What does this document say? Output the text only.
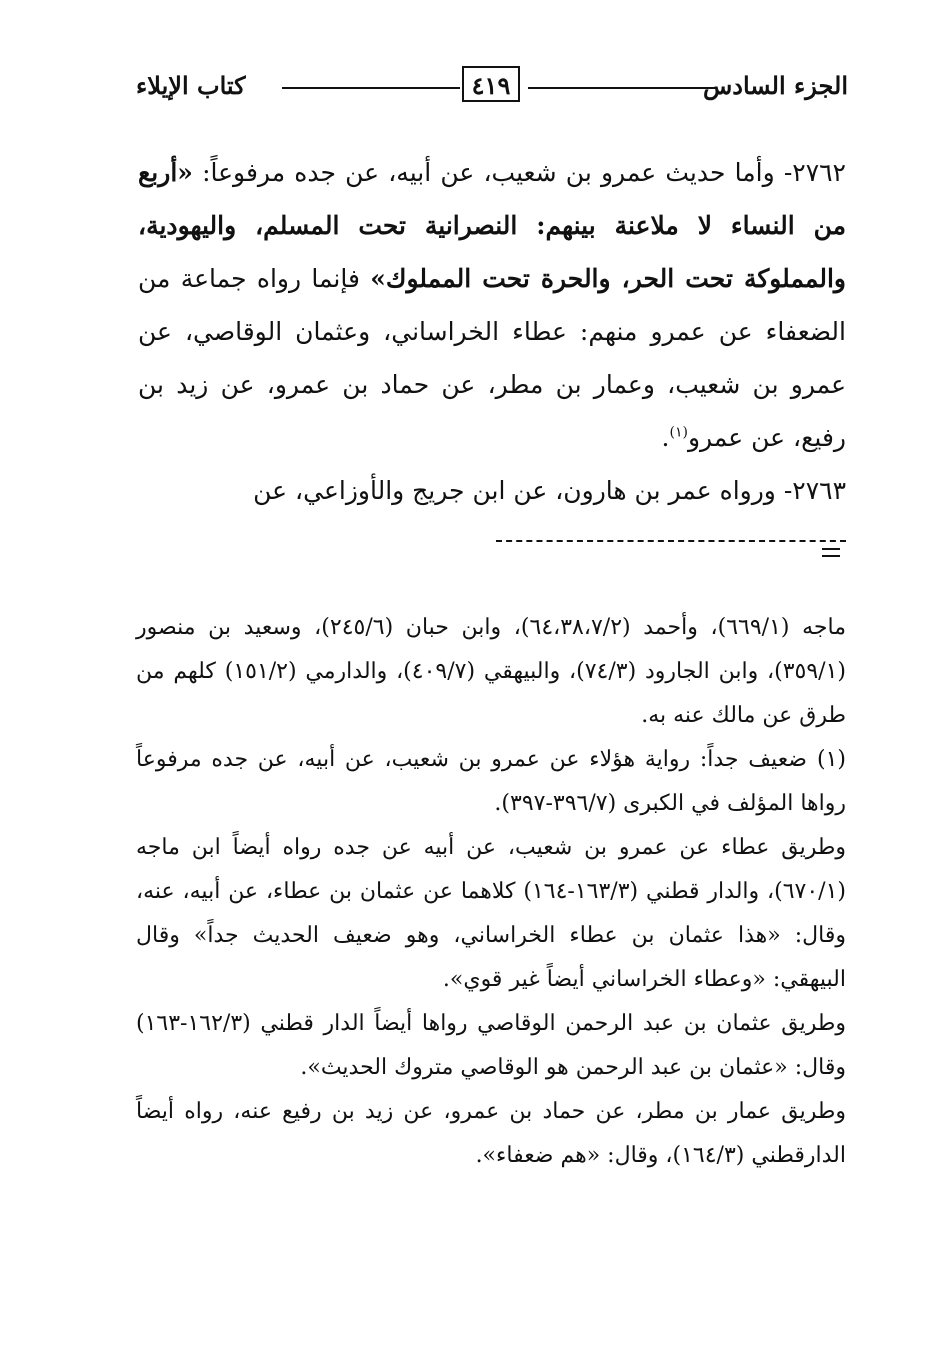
الجزء السادس
٤١٩
كتاب الإيلاء

٢٧٦٢- وأما حديث عمرو بن شعيب، عن أبيه، عن جده مرفوعاً: «أربع من النساء لا ملاعنة بينهم: النصرانية تحت المسلم، واليهودية، والمملوكة تحت الحر، والحرة تحت المملوك» فإنما رواه جماعة من الضعفاء عن عمرو منهم: عطاء الخراساني، وعثمان الوقاصي، عن عمرو بن شعيب، وعمار بن مطر، عن حماد بن عمرو، عن زيد بن رفيع، عن عمرو$^{(١)}$.

٢٧٦٣- ورواه عمر بن هارون، عن ابن جريج والأوزاعي، عن

ماجه (٦٦٩/١)، وأحمد (٦٤،٣٨،٧/٢)، وابن حبان (٢٤٥/٦)، وسعيد بن منصور (٣٥٩/١)، وابن الجارود (٧٤/٣)، والبيهقي (٤٠٩/٧)، والدارمي (١٥١/٢) كلهم من طرق عن مالك عنه به.

(١)ضعيف جداً: رواية هؤلاء عن عمرو بن شعيب، عن أبيه، عن جده مرفوعاً رواها المؤلف في الكبرى (٣٩٦/٧-٣٩٧).

وطريق عطاء عن عمرو بن شعيب، عن أبيه عن جده رواه أيضاً ابن ماجه (٦٧٠/١)، والدار قطني (١٦٣/٣-١٦٤) كلاهما عن عثمان بن عطاء، عن أبيه، عنه، وقال: «هذا عثمان بن عطاء الخراساني، وهو ضعيف الحديث جداً» وقال البيهقي: «وعطاء الخراساني أيضاً غير قوي».

وطريق عثمان بن عبد الرحمن الوقاصي رواها أيضاً الدار قطني (١٦٢/٣-١٦٣) وقال: «عثمان بن عبد الرحمن هو الوقاصي متروك الحديث».

وطريق عمار بن مطر، عن حماد بن عمرو، عن زيد بن رفيع عنه، رواه أيضاً الدارقطني (١٦٤/٣)، وقال: «هم ضعفاء».
